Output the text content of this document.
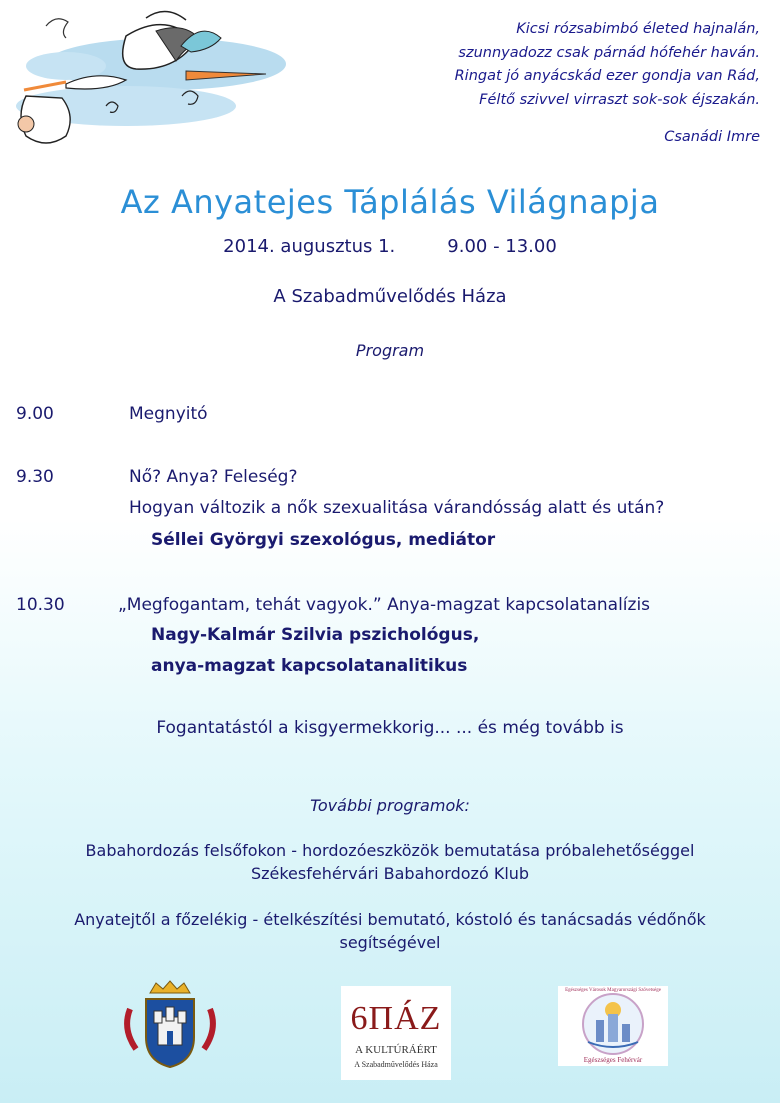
Kicsi rózsabimbó életed hajnalán,
szunnyadozz csak párnád hófehér haván.
Ringat jó anyácskád ezer gondja van Rád,
Féltő szivvel virraszt sok-sok éjszakán.
Csanádi Imre
Az Anyatejes Táplálás Világnapja
2014. augusztus 1.	9.00 - 13.00
A Szabadművelődés Háza
Program
9.00	Megnyitó
9.30	Nő? Anya? Feleség?
Hogyan változik a nők szexualitása várandósság alatt és után?
Séllei Györgyi szexológus, mediátor
10.30	„Megfogantam, tehát vagyok.” Anya-magzat kapcsolatanalízis
Nagy-Kalmár Szilvia pszichológus,
anya-magzat kapcsolatanalitikus
Fogantatástól a kisgyermekkorig... ... és még tovább is
További programok:
Babahordozás felsőfokon - hordozóeszközök bemutatása próbalehetőséggel
Székesfehérvári Babahordozó Klub
Anyatejtől a főzelékig - ételkészítési bemutató, kóstoló és tanácsadás védőnők
segítségével
6ПÁZ
A KULTÚRÁÉRT
A Szabadművelődés Háza
Egészséges Városok Magyarországi Szövetsége
Egészséges Fehérvár
